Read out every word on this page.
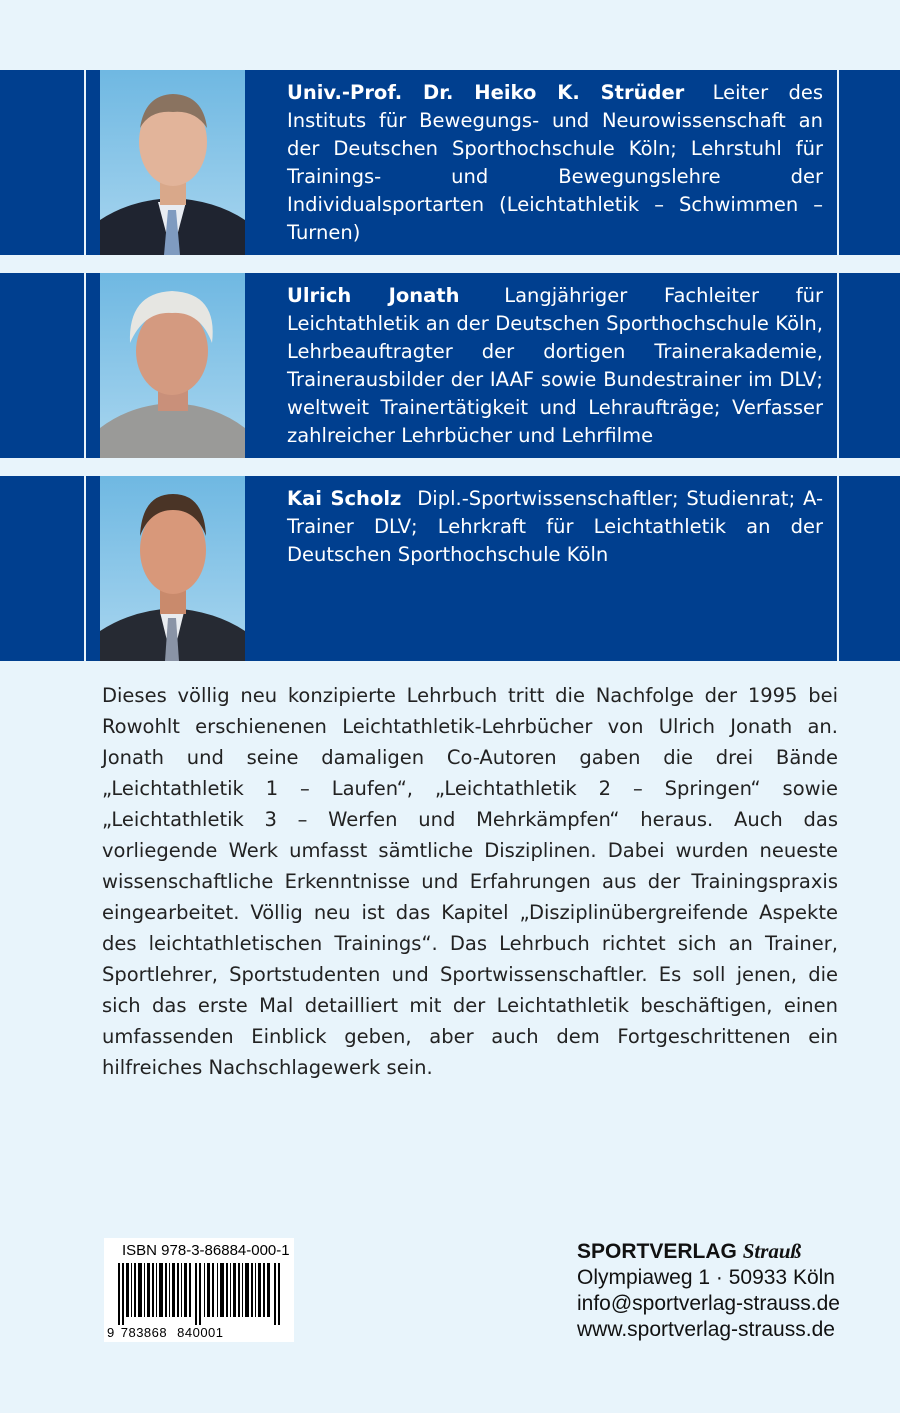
Univ.-Prof. Dr. Heiko K. Strüder Leiter des Instituts für Bewegungs- und Neurowissenschaft an der Deutschen Sporthochschule Köln; Lehrstuhl für Trainings- und Bewegungslehre der Individualsportarten (Leichtathletik – Schwimmen – Turnen)
Ulrich Jonath Langjähriger Fachleiter für Leichtathletik an der Deutschen Sporthochschule Köln, Lehrbeauftragter der dortigen Trainerakademie, Trainerausbilder der IAAF sowie Bundestrainer im DLV; weltweit Trainertätigkeit und Lehraufträge; Verfasser zahlreicher Lehrbücher und Lehrfilme
Kai Scholz Dipl.-Sportwissenschaftler; Studienrat; A-Trainer DLV; Lehrkraft für Leichtathletik an der Deutschen Sporthochschule Köln
Dieses völlig neu konzipierte Lehrbuch tritt die Nachfolge der 1995 bei Rowohlt erschienenen Leichtathletik-Lehrbücher von Ulrich Jonath an. Jonath und seine damaligen Co-Autoren gaben die drei Bände „Leichtathletik 1 – Laufen“, „Leichtathletik 2 – Springen“ sowie „Leichtathletik 3 – Werfen und Mehrkämpfen“ heraus. Auch das vorliegende Werk umfasst sämtliche Disziplinen. Dabei wurden neueste wissenschaftliche Erkenntnisse und Erfahrungen aus der Trainingspraxis eingearbeitet. Völlig neu ist das Kapitel „Disziplinübergreifende Aspekte des leichtathletischen Trainings“. Das Lehrbuch richtet sich an Trainer, Sportlehrer, Sportstudenten und Sportwissenschaftler. Es soll jenen, die sich das erste Mal detailliert mit der Leichtathletik beschäftigen, einen umfassenden Einblick geben, aber auch dem Fortgeschrittenen ein hilfreiches Nachschlagewerk sein.
ISBN 978-3-86884-000-1
9 783868 840001
SPORTVERLAG Strauß
Olympiaweg 1 · 50933 Köln
info@sportverlag-strauss.de
www.sportverlag-strauss.de
